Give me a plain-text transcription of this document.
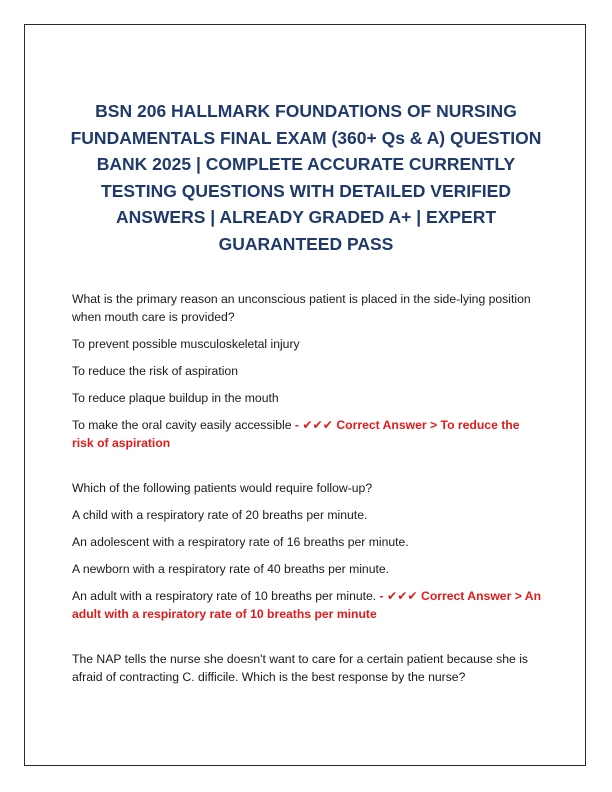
BSN 206 HALLMARK FOUNDATIONS OF NURSING FUNDAMENTALS FINAL EXAM (360+ Qs & A) QUESTION BANK 2025 | COMPLETE ACCURATE CURRENTLY TESTING QUESTIONS WITH DETAILED VERIFIED ANSWERS | ALREADY GRADED A+ | EXPERT GUARANTEED PASS

What is the primary reason an unconscious patient is placed in the side-lying position when mouth care is provided?

To prevent possible musculoskeletal injury

To reduce the risk of aspiration

To reduce plaque buildup in the mouth

To make the oral cavity easily accessible - ✔✔✔ Correct Answer > To reduce the risk of aspiration

Which of the following patients would require follow-up?

A child with a respiratory rate of 20 breaths per minute.

An adolescent with a respiratory rate of 16 breaths per minute.

A newborn with a respiratory rate of 40 breaths per minute.

An adult with a respiratory rate of 10 breaths per minute. - ✔✔✔ Correct Answer > An adult with a respiratory rate of 10 breaths per minute

The NAP tells the nurse she doesn't want to care for a certain patient because she is afraid of contracting C. difficile. Which is the best response by the nurse?
